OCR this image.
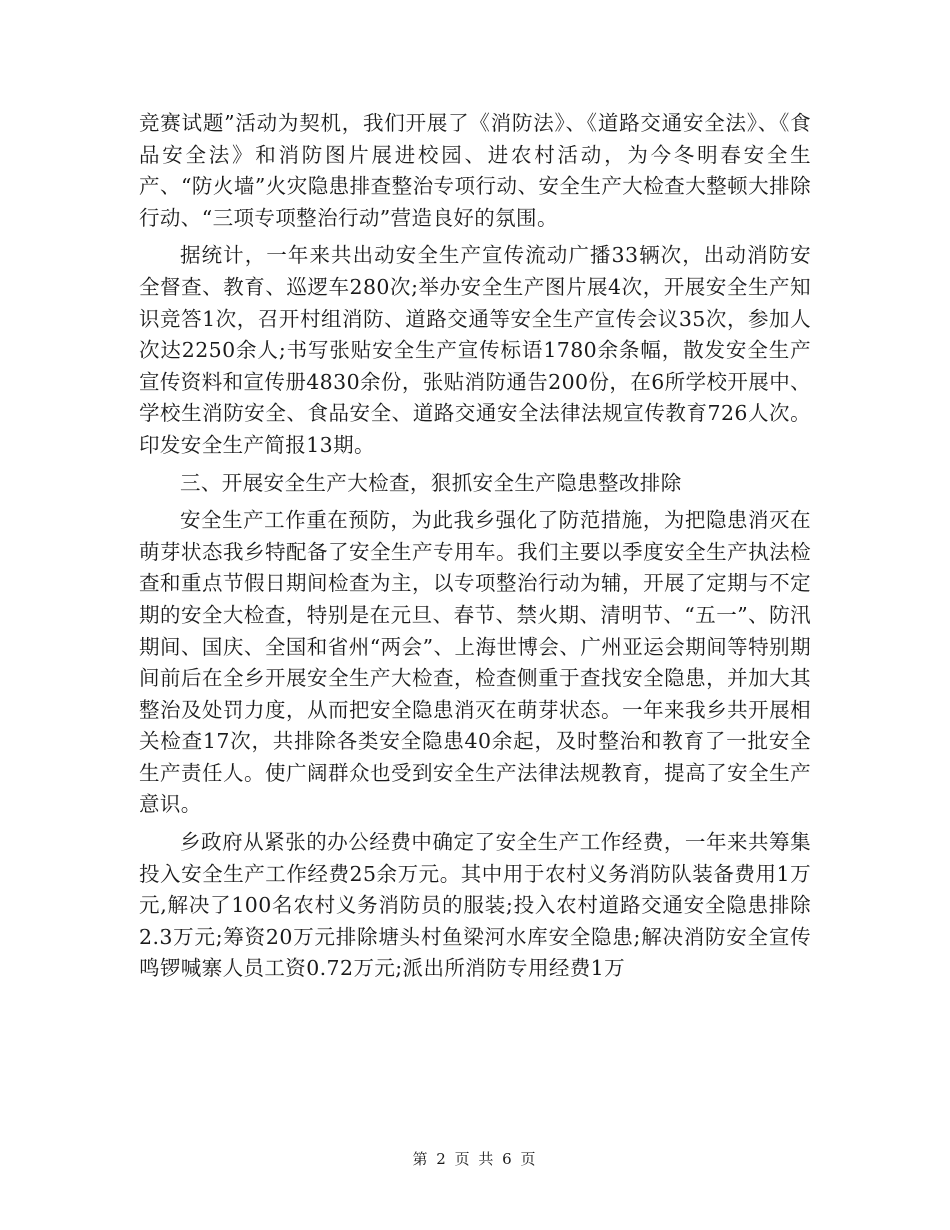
竞赛试题”活动为契机，我们开展了《消防法》、《道路交通安全法》、《食品安全法》和消防图片展进校园、进农村活动，为今冬明春安全生产、“防火墙”火灾隐患排查整治专项行动、安全生产大检查大整顿大排除行动、“三项专项整治行动”营造良好的氛围。

据统计，一年来共出动安全生产宣传流动广播33辆次，出动消防安全督查、教育、巡逻车280次;举办安全生产图片展4次，开展安全生产知识竞答1次，召开村组消防、道路交通等安全生产宣传会议35次，参加人次达2250余人;书写张贴安全生产宣传标语1780余条幅，散发安全生产宣传资料和宣传册4830余份，张贴消防通告200份，在6所学校开展中、学校生消防安全、食品安全、道路交通安全法律法规宣传教育726人次。印发安全生产简报13期。

三、开展安全生产大检查，狠抓安全生产隐患整改排除

安全生产工作重在预防，为此我乡强化了防范措施，为把隐患消灭在萌芽状态我乡特配备了安全生产专用车。我们主要以季度安全生产执法检查和重点节假日期间检查为主，以专项整治行动为辅，开展了定期与不定期的安全大检查，特别是在元旦、春节、禁火期、清明节、“五一”、防汛期间、国庆、全国和省州“两会”、上海世博会、广州亚运会期间等特别期间前后在全乡开展安全生产大检查，检查侧重于查找安全隐患，并加大其整治及处罚力度，从而把安全隐患消灭在萌芽状态。一年来我乡共开展相关检查17次，共排除各类安全隐患40余起，及时整治和教育了一批安全生产责任人。使广阔群众也受到安全生产法律法规教育，提高了安全生产意识。

乡政府从紧张的办公经费中确定了安全生产工作经费，一年来共筹集投入安全生产工作经费25余万元。其中用于农村义务消防队装备费用1万元,解决了100名农村义务消防员的服装;投入农村道路交通安全隐患排除2.3万元;筹资20万元排除塘头村鱼梁河水库安全隐患;解决消防安全宣传鸣锣喊寨人员工资0.72万元;派出所消防专用经费1万

第 2 页 共 6 页
